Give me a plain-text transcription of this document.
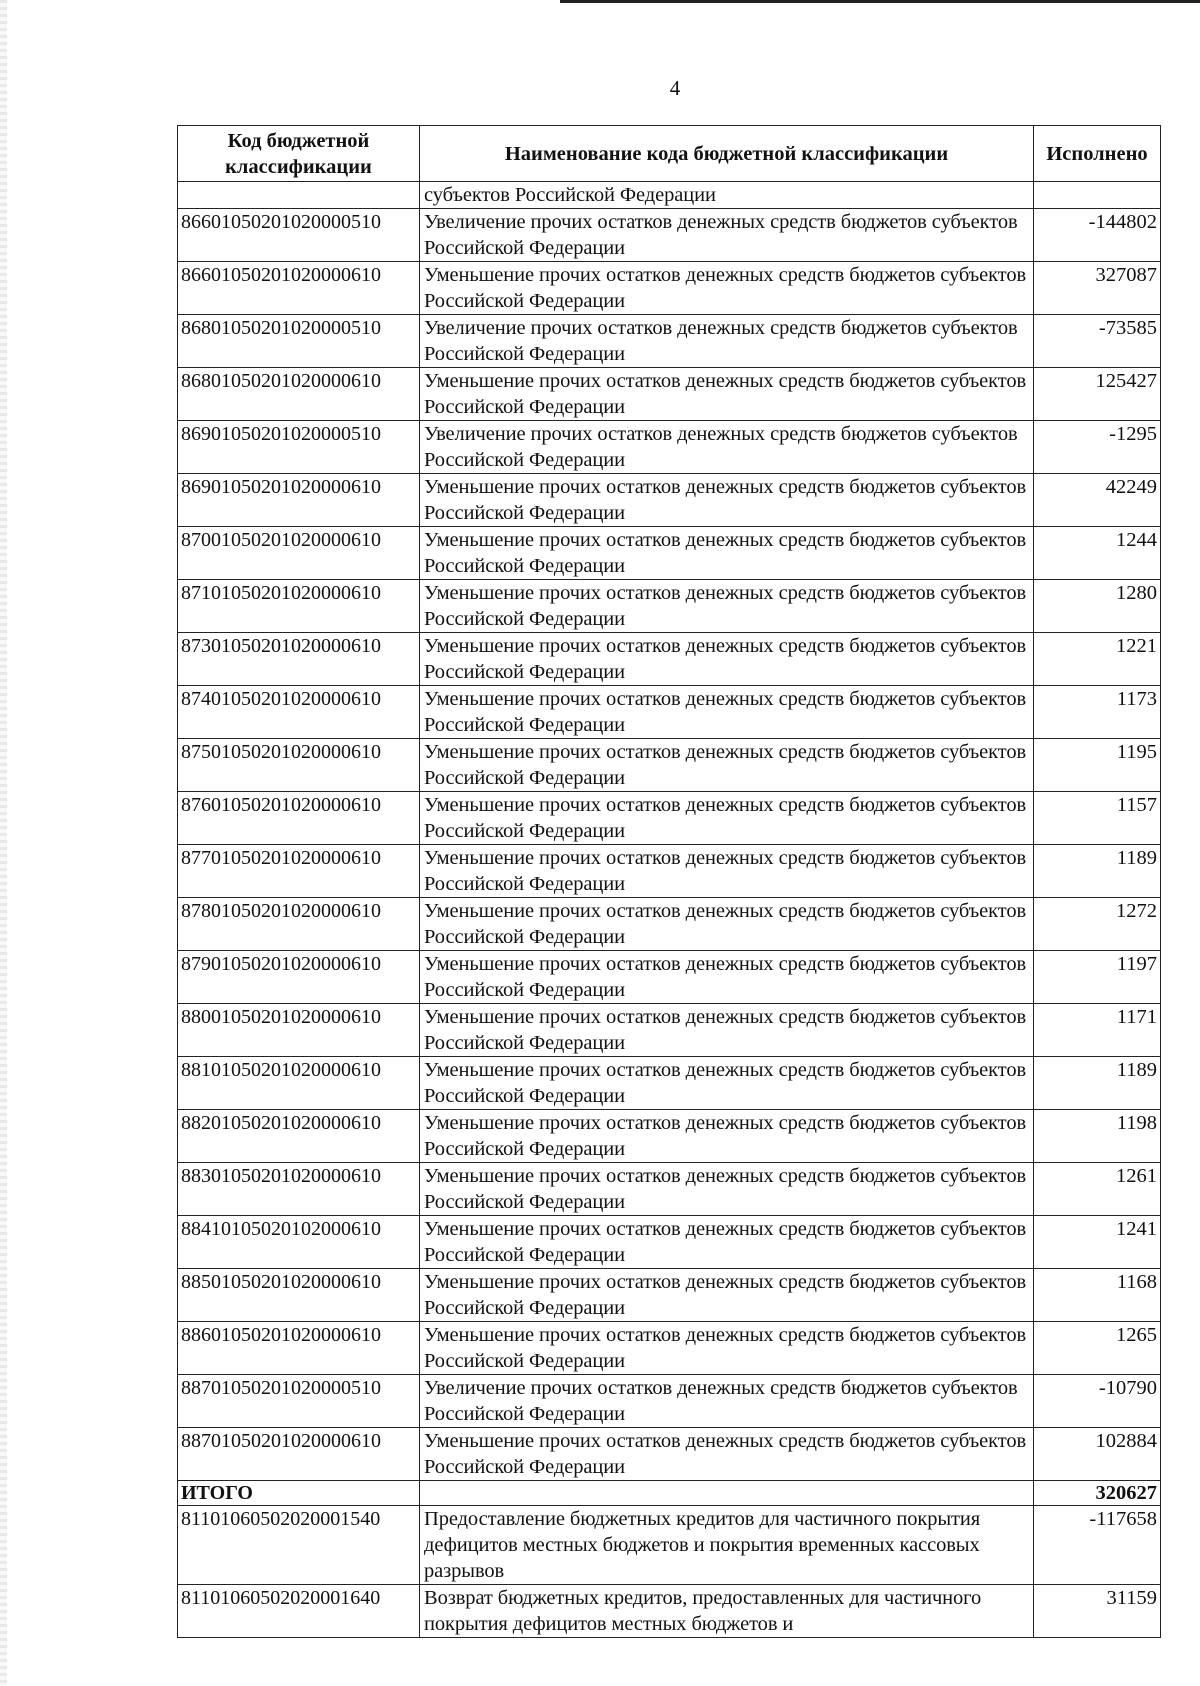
4
Код бюджетной классификации	Наименование кода бюджетной классификации	Исполнено
	субъектов Российской Федерации	
86601050201020000510	Увеличение прочих остатков денежных средств бюджетов субъектов Российской Федерации	-144802
86601050201020000610	Уменьшение прочих остатков денежных средств бюджетов субъектов Российской Федерации	327087
86801050201020000510	Увеличение прочих остатков денежных средств бюджетов субъектов Российской Федерации	-73585
86801050201020000610	Уменьшение прочих остатков денежных средств бюджетов субъектов Российской Федерации	125427
86901050201020000510	Увеличение прочих остатков денежных средств бюджетов субъектов Российской Федерации	-1295
86901050201020000610	Уменьшение прочих остатков денежных средств бюджетов субъектов Российской Федерации	42249
87001050201020000610	Уменьшение прочих остатков денежных средств бюджетов субъектов Российской Федерации	1244
87101050201020000610	Уменьшение прочих остатков денежных средств бюджетов субъектов Российской Федерации	1280
87301050201020000610	Уменьшение прочих остатков денежных средств бюджетов субъектов Российской Федерации	1221
87401050201020000610	Уменьшение прочих остатков денежных средств бюджетов субъектов Российской Федерации	1173
87501050201020000610	Уменьшение прочих остатков денежных средств бюджетов субъектов Российской Федерации	1195
87601050201020000610	Уменьшение прочих остатков денежных средств бюджетов субъектов Российской Федерации	1157
87701050201020000610	Уменьшение прочих остатков денежных средств бюджетов субъектов Российской Федерации	1189
87801050201020000610	Уменьшение прочих остатков денежных средств бюджетов субъектов Российской Федерации	1272
87901050201020000610	Уменьшение прочих остатков денежных средств бюджетов субъектов Российской Федерации	1197
88001050201020000610	Уменьшение прочих остатков денежных средств бюджетов субъектов Российской Федерации	1171
88101050201020000610	Уменьшение прочих остатков денежных средств бюджетов субъектов Российской Федерации	1189
88201050201020000610	Уменьшение прочих остатков денежных средств бюджетов субъектов Российской Федерации	1198
88301050201020000610	Уменьшение прочих остатков денежных средств бюджетов субъектов Российской Федерации	1261
88410105020102000610	Уменьшение прочих остатков денежных средств бюджетов субъектов Российской Федерации	1241
88501050201020000610	Уменьшение прочих остатков денежных средств бюджетов субъектов Российской Федерации	1168
88601050201020000610	Уменьшение прочих остатков денежных средств бюджетов субъектов Российской Федерации	1265
88701050201020000510	Увеличение прочих остатков денежных средств бюджетов субъектов Российской Федерации	-10790
88701050201020000610	Уменьшение прочих остатков денежных средств бюджетов субъектов Российской Федерации	102884
ИТОГО		320627
81101060502020001540	Предоставление бюджетных кредитов для частичного покрытия дефицитов местных бюджетов и покрытия временных кассовых разрывов	-117658
81101060502020001640	Возврат бюджетных кредитов, предоставленных для частичного покрытия дефицитов местных бюджетов и	31159
